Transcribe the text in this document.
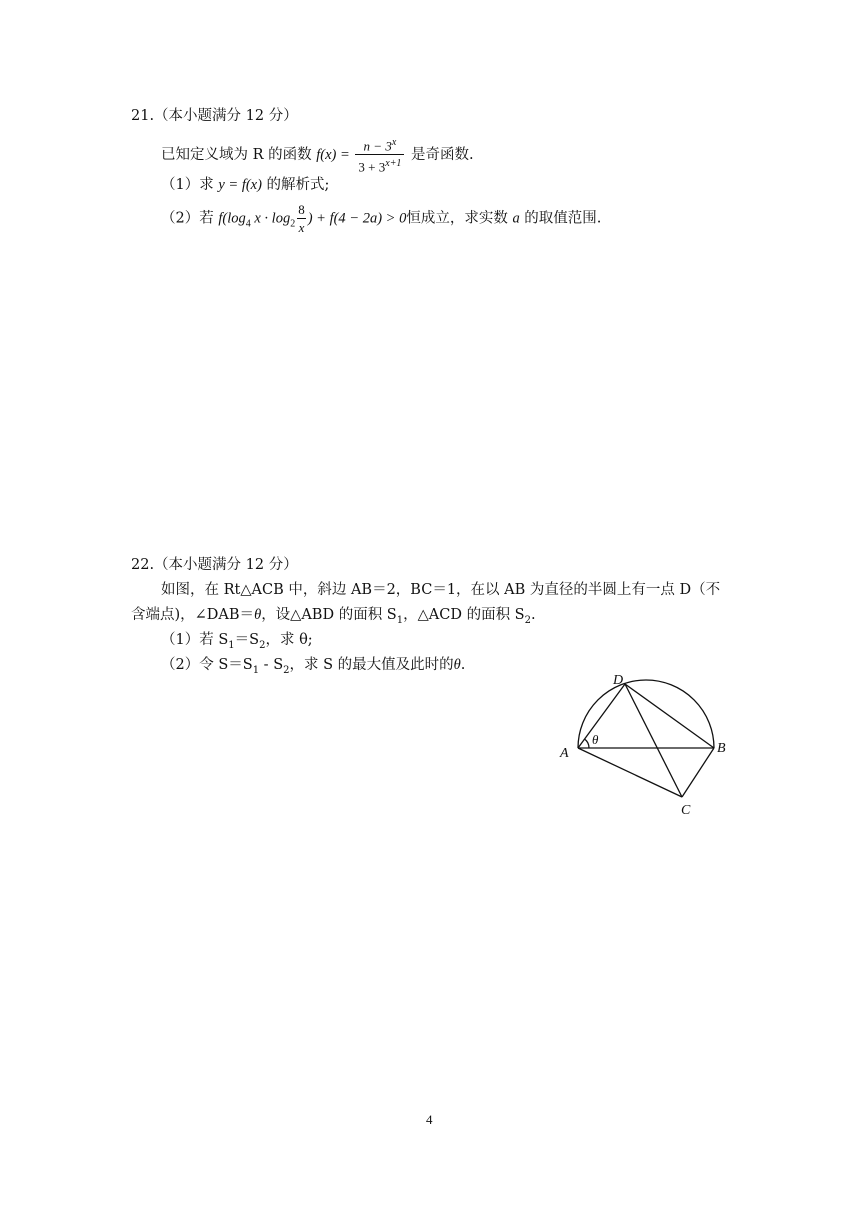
21.（本小题满分 12 分）
已知定义域为 R 的函数 $f(x) = \frac{n - 3^x}{3 + 3^{x+1}}$ 是奇函数.
（1）求 y = f(x) 的解析式;
（2）若 $f(\log_4$ $x \cdot \log_2 \frac{8}{x}$ ) + f(4 − 2a) > 0恒成立，求实数 a 的取值范围.
22.（本小题满分 12 分）
如图，在 Rt△ACB 中，斜边 AB＝2，BC＝1，在以 AB 为直径的半圆上有一点 D（不
含端点)，∠DAB＝θ，设△ABD 的面积 $S_1$，△ACD 的面积 $S_2$.
（1）若 $S_1=S_2$，求 θ;
（2）令 $S=S_1 - S_2$，求 S 的最大值及此时的θ.
A	B
C
D
θ
4
